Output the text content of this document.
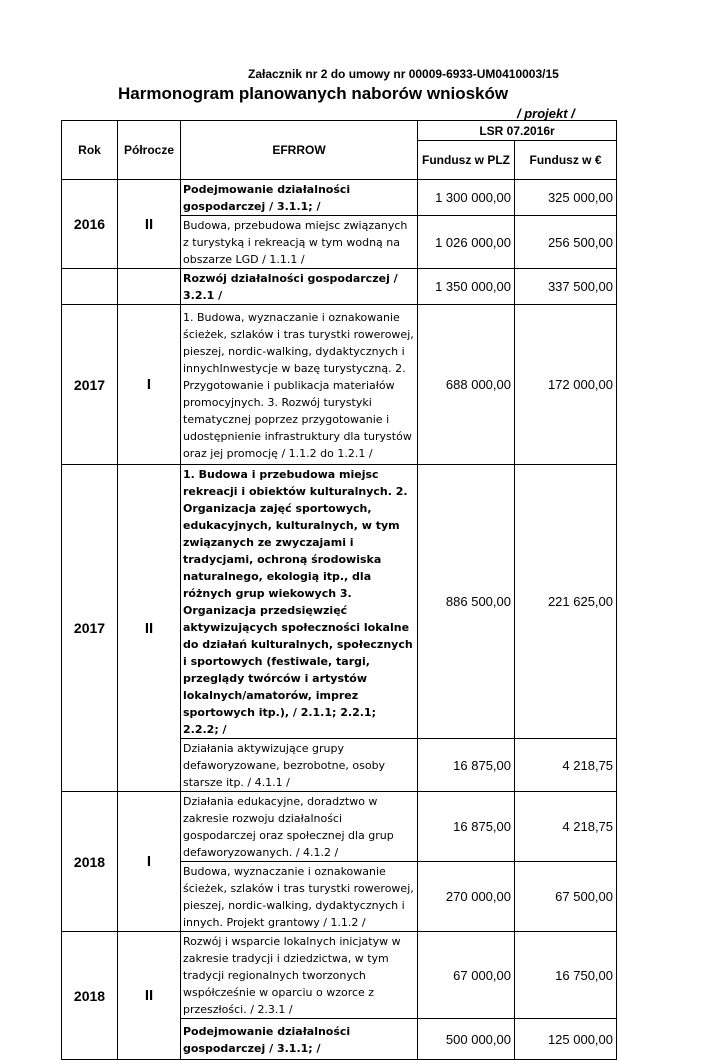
Załacznik nr 2 do umowy nr 00009-6933-UM0410003/15
Harmonogram planowanych naborów wniosków
/ projekt /
Rok	Półrocze	EFRROW	LSR 07.2016r	
			Fundusz w PLZ	Fundusz w €
2016	II	Podejmowanie działalności gospodarczej / 3.1.1; /	1 300 000,00	325 000,00
		Budowa, przebudowa miejsc związanych z turystyką i rekreacją w tym wodną na obszarze LGD / 1.1.1 /	1 026 000,00	256 500,00
		Rozwój działalności gospodarczej / 3.2.1 /	1 350 000,00	337 500,00
2017	I	1. Budowa, wyznaczanie i oznakowanie ścieżek, szlaków i tras turystki rowerowej, pieszej, nordic-walking, dydaktycznych i innychInwestycje w bazę turystyczną. 2. Przygotowanie i publikacja materiałów promocyjnych. 3. Rozwój turystyki tematycznej poprzez przygotowanie i udostępnienie infrastruktury dla turystów oraz jej promocję / 1.1.2 do 1.2.1 /	688 000,00	172 000,00
2017	II	1. Budowa i przebudowa miejsc rekreacji i obiektów kulturalnych. 2. Organizacja zajęć sportowych, edukacyjnych, kulturalnych, w tym związanych ze zwyczajami i tradycjami, ochroną środowiska naturalnego, ekologią itp., dla różnych grup wiekowych 3. Organizacja przedsięwzięć aktywizujących społeczności lokalne do działań kulturalnych, społecznych i sportowych (festiwale, targi, przeglądy twórców i artystów lokalnych/amatorów, imprez sportowych itp.), / 2.1.1; 2.2.1; 2.2.2; /	886 500,00	221 625,00
		Działania aktywizujące grupy defaworyzowane, bezrobotne, osoby starsze itp. / 4.1.1 /	16 875,00	4 218,75
2018	I	Działania edukacyjne, doradztwo w zakresie rozwoju działalności gospodarczej oraz społecznej dla grup defaworyzowanych. / 4.1.2 /	16 875,00	4 218,75
		Budowa, wyznaczanie i oznakowanie ścieżek, szlaków i tras turystki rowerowej, pieszej, nordic-walking, dydaktycznych i innych. Projekt grantowy / 1.1.2 /	270 000,00	67 500,00
2018	II	Rozwój i wsparcie lokalnych inicjatyw w zakresie tradycji i dziedzictwa, w tym tradycji regionalnych tworzonych współcześnie w oparciu o wzorce z przeszłości. / 2.3.1 /	67 000,00	16 750,00
		Podejmowanie działalności gospodarczej / 3.1.1; /	500 000,00	125 000,00
